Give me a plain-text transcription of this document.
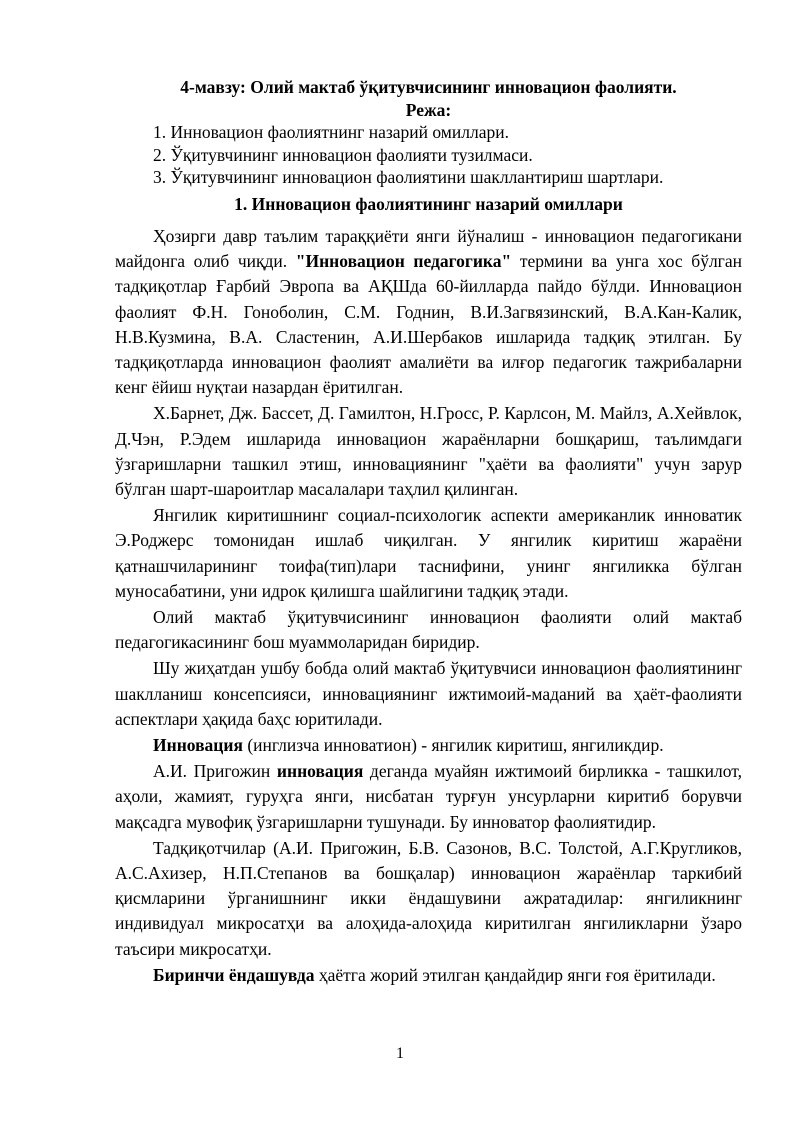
4-мавзу: Олий мактаб ўқитувчисининг инновацион фаолияти.
Режа:
1. Инновацион фаолиятнинг назарий омиллари.
2. Ўқитувчининг инновацион фаолияти тузилмаси.
3. Ўқитувчининг инновацион фаолиятини шакллантириш шартлари.
1. Инновацион фаолиятининг назарий омиллари

Ҳозирги давр таълим тараққиёти янги йўналиш - инновацион педагогикани майдонга олиб чиқди. "Инновацион педагогика" термини ва унга хос бўлган тадқиқотлар Ғарбий Эвропа ва АҚШда 60-йилларда пайдо бўлди. Инновацион фаолият Ф.Н. Гоноболин, С.М. Годнин, В.И.Загвязинский, В.А.Кан-Калик, Н.В.Кузмина, В.А. Сластенин, А.И.Шербаков ишларида тадқиқ этилган. Бу тадқиқотларда инновацион фаолият амалиёти ва илғор педагогик тажрибаларни кенг ёйиш нуқтаи назардан ёритилган.

Х.Барнет, Дж. Бассет, Д. Гамилтон, Н.Гросс, Р. Карлсон, М. Майлз, А.Хейвлок, Д.Чэн, Р.Эдем ишларида инновацион жараёнларни бошқариш, таълимдаги ўзгаришларни ташкил этиш, инновациянинг "ҳаёти ва фаолияти" учун зарур бўлган шарт-шароитлар масалалари таҳлил қилинган.

Янгилик киритишнинг социал-психологик аспекти американлик инноватик Э.Роджерс томонидан ишлаб чиқилган. У янгилик киритиш жараёни қатнашчиларининг тоифа(тип)лари таснифини, унинг янгиликка бўлган муносабатини, уни идрок қилишга шайлигини тадқиқ этади.

Олий мактаб ўқитувчисининг инновацион фаолияти олий мактаб педагогикасининг бош муаммоларидан биридир.

Шу жиҳатдан ушбу бобда олий мактаб ўқитувчиси инновацион фаолиятининг шаклланиш консепсияси, инновациянинг ижтимоий-маданий ва ҳаёт-фаолияти аспектлари ҳақида баҳс юритилади.

Инновация (инглизча инноватион) - янгилик киритиш, янгиликдир.

А.И. Пригожин инновация деганда муайян ижтимоий бирликка - ташкилот, аҳоли, жамият, гуруҳга янги, нисбатан турғун унсурларни киритиб борувчи мақсадга мувофиқ ўзгаришларни тушунади. Бу инноватор фаолиятидир.

Тадқиқотчилар (А.И. Пригожин, Б.В. Сазонов, В.С. Толстой, А.Г.Кругликов, А.С.Ахизер, Н.П.Степанов ва бошқалар) инновацион жараёнлар таркибий қисмларини ўрганишнинг икки ёндашувини ажратадилар: янгиликнинг индивидуал микросатҳи ва алоҳида-алоҳида киритилган янгиликларни ўзаро таъсири микросатҳи.

Биринчи ёндашувда ҳаётга жорий этилган қандайдир янги ғоя ёритилади.

1
